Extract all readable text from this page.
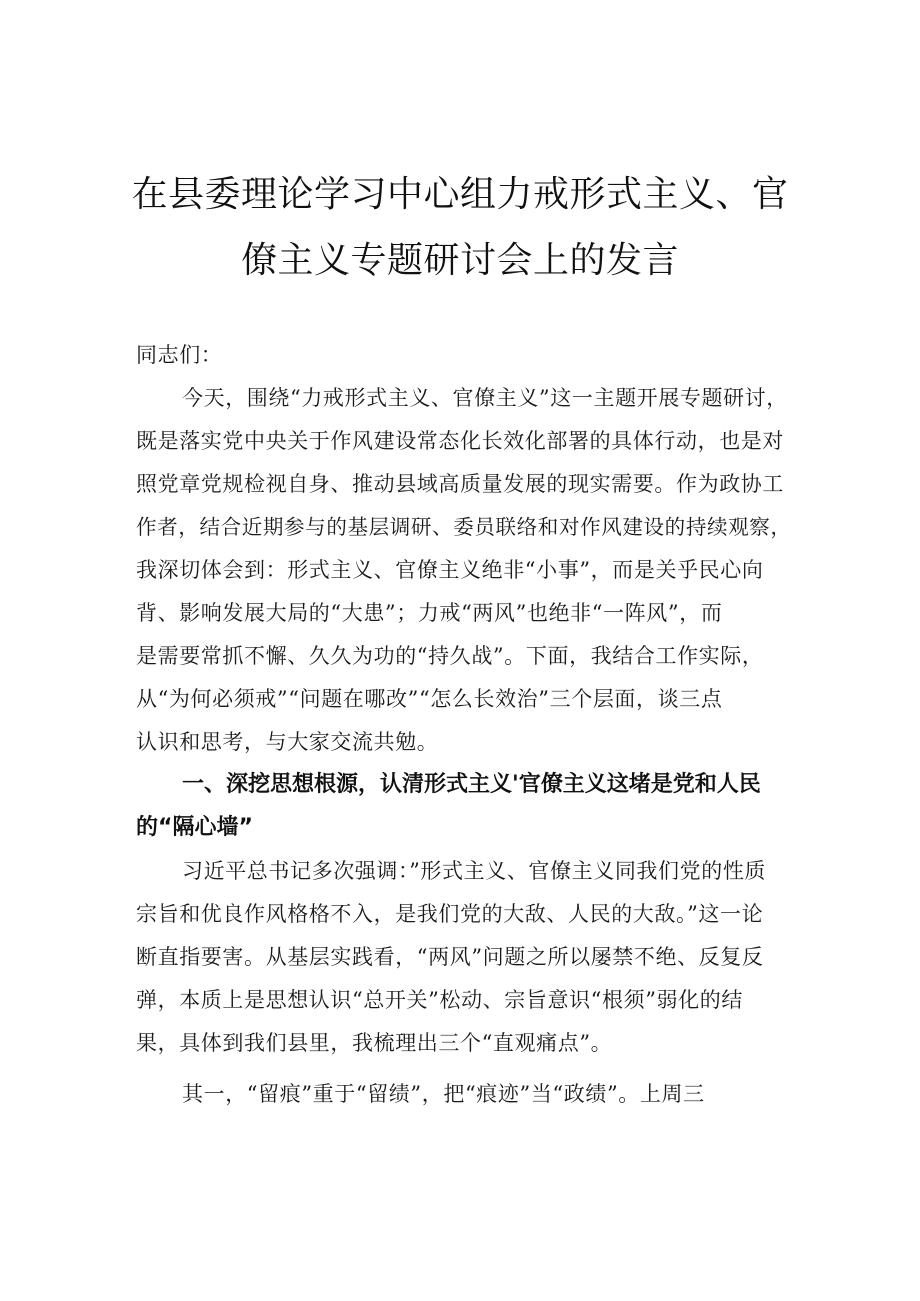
在县委理论学习中心组力戒形式主义、官
僚主义专题研讨会上的发言
同志们：
今天，围绕“力戒形式主义、官僚主义”这一主题开展专题研讨，
既是落实党中央关于作风建设常态化长效化部署的具体行动，也是对
照党章党规检视自身、推动县域高质量发展的现实需要。作为政协工
作者，结合近期参与的基层调研、委员联络和对作风建设的持续观察，
我深切体会到：形式主义、官僚主义绝非“小事”，而是关乎民心向
背、影响发展大局的“大患”；力戒“两风”也绝非“一阵风”，而
是需要常抓不懈、久久为功的“持久战”。下面，我结合工作实际，
从“为何必须戒”“问题在哪改”“怎么长效治”三个层面，谈三点
认识和思考，与大家交流共勉。
一、深挖思想根源，认清形式主义'官僚主义这堵是党和人民
的“隔心墙”
习近平总书记多次强调：”形式主义、官僚主义同我们党的性质
宗旨和优良作风格格不入，是我们党的大敌、人民的大敌。”这一论
断直指要害。从基层实践看，“两风”问题之所以屡禁不绝、反复反
弹，本质上是思想认识“总开关”松动、宗旨意识“根须”弱化的结
果，具体到我们县里，我梳理出三个“直观痛点”。
其一，“留痕”重于“留绩”，把“痕迹”当“政绩”。上周三
